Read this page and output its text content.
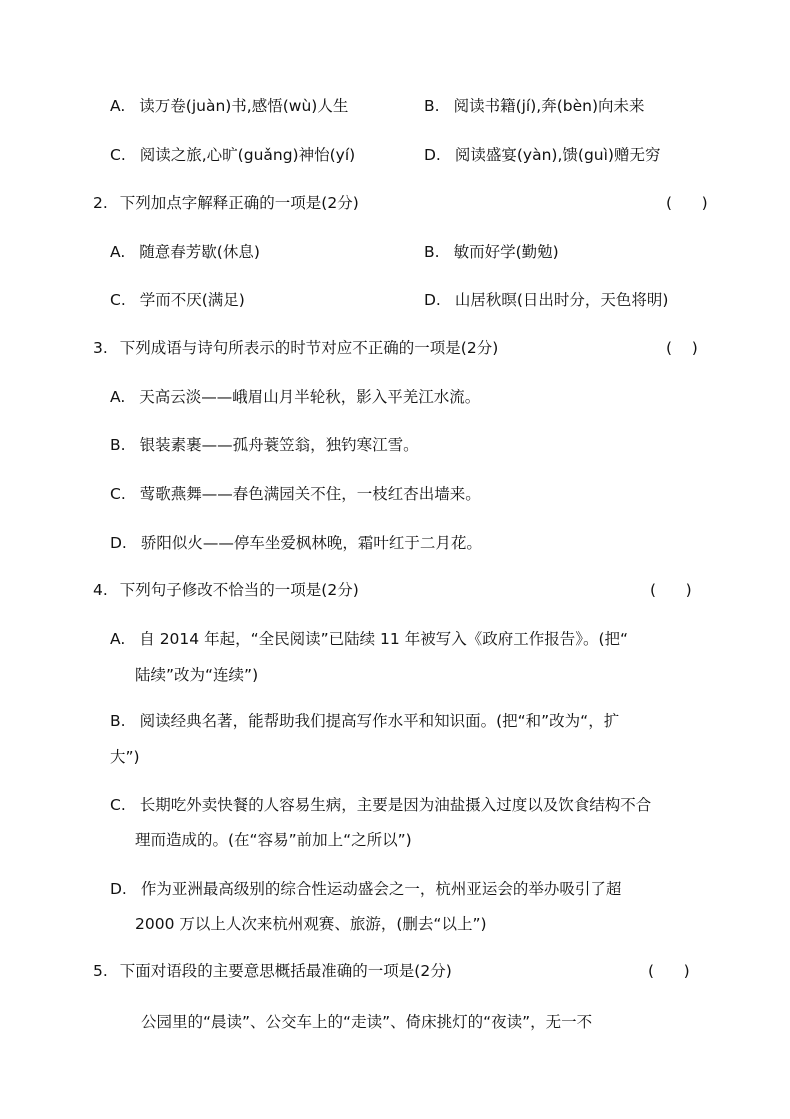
A. 读万卷(juàn)书,感悟(wù)人生	B. 阅读书籍(jí),奔(bèn)向未来
C. 阅读之旅,心旷(guǎng)神怡(yí)	D. 阅读盛宴(yàn),馈(guì)赠无穷
2. 下列加点字解释正确的一项是(2分)	(      )
A. 随意春芳歇(休息)	B. 敏而好学(勤勉)
C. 学而不厌(满足)	D. 山居秋暝(日出时分，天色将明)
3. 下列成语与诗句所表示的时节对应不正确的一项是(2分)	(    )
A. 天高云淡——峨眉山月半轮秋，影入平羌江水流。
B. 银装素裹——孤舟蓑笠翁，独钓寒江雪。
C. 莺歌燕舞——春色满园关不住，一枝红杏出墙来。
D. 骄阳似火——停车坐爱枫林晚，霜叶红于二月花。
4. 下列句子修改不恰当的一项是(2分)	(      )
A. 自 2014 年起，“全民阅读”已陆续 11 年被写入《政府工作报告》。(把“
陆续”改为“连续”)
B. 阅读经典名著，能帮助我们提高写作水平和知识面。(把“和”改为“，扩
大”)
C. 长期吃外卖快餐的人容易生病，主要是因为油盐摄入过度以及饮食结构不合
理而造成的。(在“容易”前加上“之所以”)
D. 作为亚洲最高级别的综合性运动盛会之一，杭州亚运会的举办吸引了超
2000 万以上人次来杭州观赛、旅游，(删去“以上”)
5. 下面对语段的主要意思概括最准确的一项是(2分)	(      )
公园里的“晨读”、公交车上的“走读”、倚床挑灯的“夜读”，无一不
